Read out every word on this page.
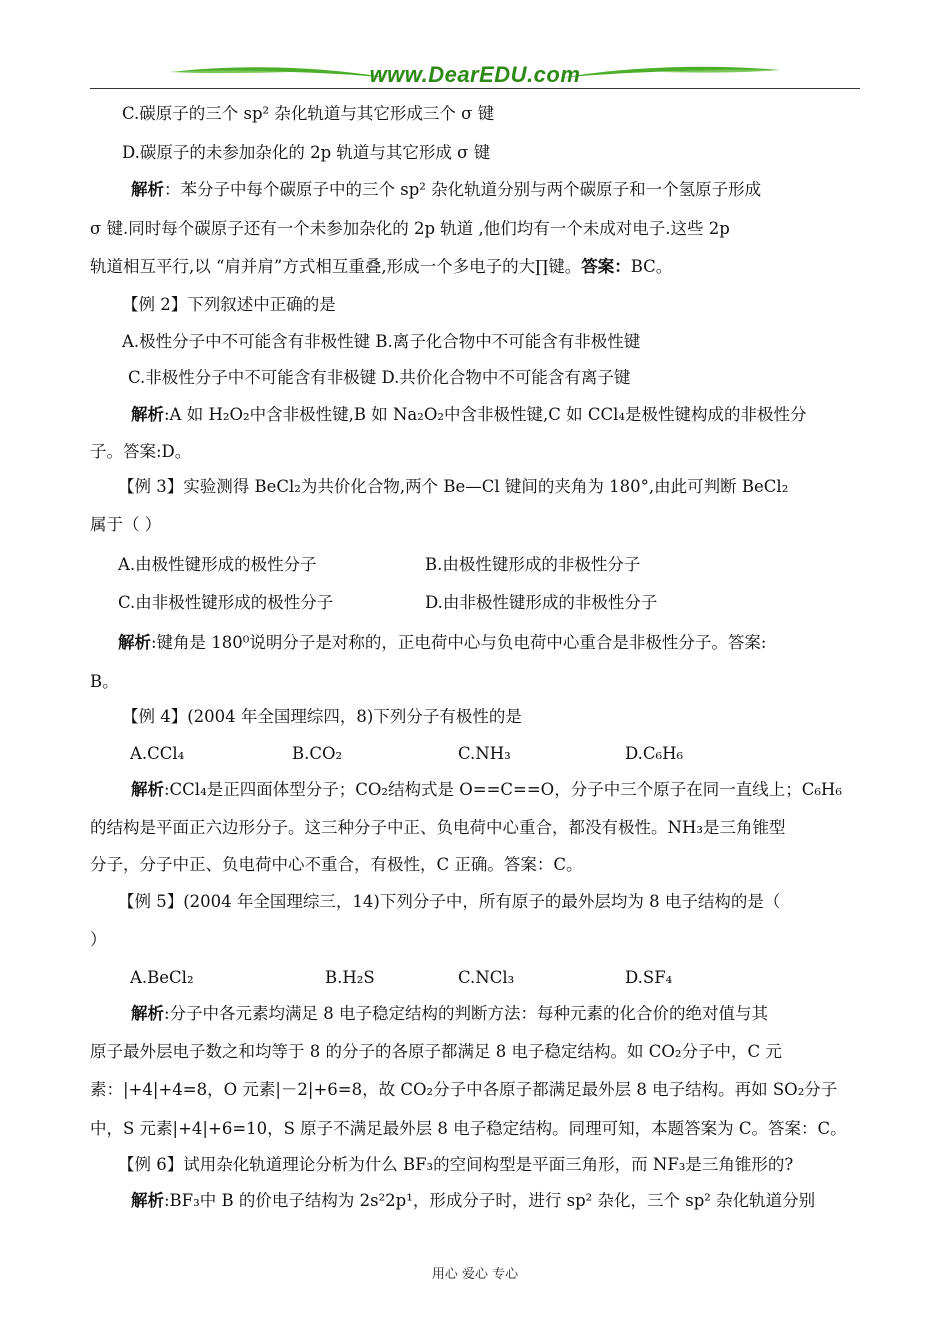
www.DearEDU.com
C.碳原子的三个 sp² 杂化轨道与其它形成三个 σ 键
D.碳原子的未参加杂化的 2p 轨道与其它形成 σ 键
解析：苯分子中每个碳原子中的三个 sp² 杂化轨道分别与两个碳原子和一个氢原子形成
σ 键.同时每个碳原子还有一个未参加杂化的 2p 轨道 ,他们均有一个未成对电子.这些 2p
轨道相互平行,以 “肩并肩”方式相互重叠,形成一个多电子的大∏键。答案：BC。
【例 2】下列叙述中正确的是
A.极性分子中不可能含有非极性键 B.离子化合物中不可能含有非极性键
C.非极性分子中不可能含有非极键 D.共价化合物中不可能含有离子键
解析:A 如 H₂O₂中含非极性键,B 如 Na₂O₂中含非极性键,C 如 CCl₄是极性键构成的非极性分
子。答案:D。
【例 3】实验测得 BeCl₂为共价化合物,两个 Be—Cl 键间的夹角为 180°,由此可判断 BeCl₂
属于（ ）
A.由极性键形成的极性分子	B.由极性键形成的非极性分子
C.由非极性键形成的极性分子	D.由非极性键形成的非极性分子
解析:键角是 180⁰说明分子是对称的，正电荷中心与负电荷中心重合是非极性分子。答案:
B。
【例 4】(2004 年全国理综四，8)下列分子有极性的是
A.CCl₄	B.CO₂	C.NH₃	D.C₆H₆
解析:CCl₄是正四面体型分子；CO₂结构式是 O==C==O，分子中三个原子在同一直线上；C₆H₆
的结构是平面正六边形分子。这三种分子中正、负电荷中心重合，都没有极性。NH₃是三角锥型
分子，分子中正、负电荷中心不重合，有极性，C 正确。答案：C。
【例 5】(2004 年全国理综三，14)下列分子中，所有原子的最外层均为 8 电子结构的是（
）
A.BeCl₂	B.H₂S	C.NCl₃	D.SF₄
解析:分子中各元素均满足 8 电子稳定结构的判断方法：每种元素的化合价的绝对值与其
原子最外层电子数之和均等于 8 的分子的各原子都满足 8 电子稳定结构。如 CO₂分子中，C 元
素：|+4|+4=8，O 元素|－2|+6=8，故 CO₂分子中各原子都满足最外层 8 电子结构。再如 SO₂分子
中，S 元素|+4|+6=10，S 原子不满足最外层 8 电子稳定结构。同理可知，本题答案为 C。答案：C。
【例 6】试用杂化轨道理论分析为什么 BF₃的空间构型是平面三角形，而 NF₃是三角锥形的?
解析:BF₃中 B 的价电子结构为 2s²2p¹，形成分子时，进行 sp² 杂化，三个 sp² 杂化轨道分别
用心 爱心 专心
